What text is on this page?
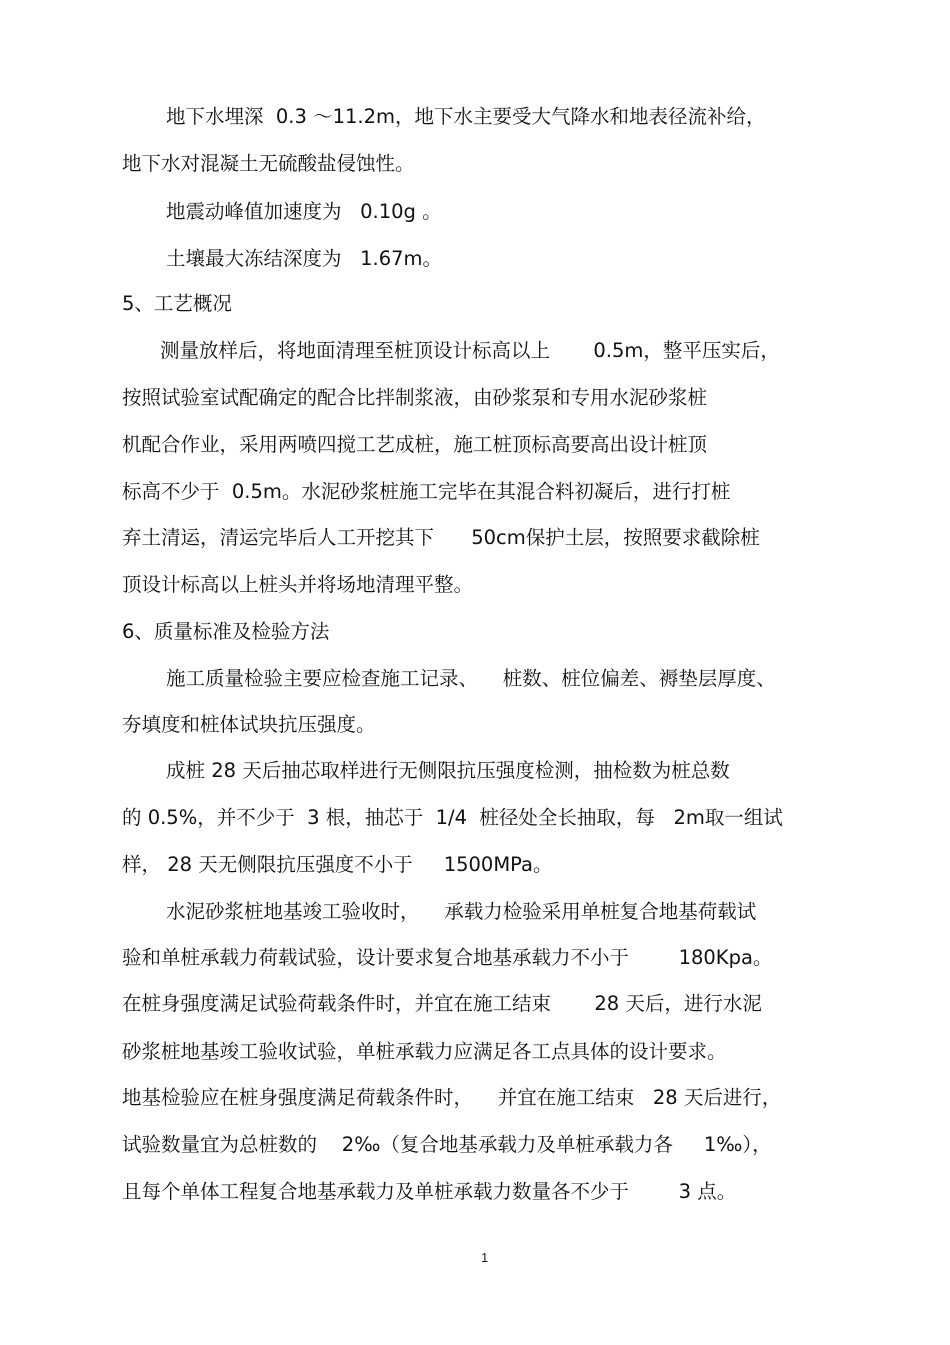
地下水埋深  0.3 ～11.2m，地下水主要受大气降水和地表径流补给，

地下水对混凝土无硫酸盐侵蚀性。

地震动峰值加速度为   0.10g 。

土壤最大冻结深度为   1.67m。

5、工艺概况

测量放样后，将地面清理至桩顶设计标高以上       0.5m，整平压实后，

按照试验室试配确定的配合比拌制浆液，由砂浆泵和专用水泥砂浆桩

机配合作业，采用两喷四搅工艺成桩，施工桩顶标高要高出设计桩顶

标高不少于  0.5m。水泥砂浆桩施工完毕在其混合料初凝后，进行打桩

弃土清运，清运完毕后人工开挖其下      50cm保护土层，按照要求截除桩

顶设计标高以上桩头并将场地清理平整。

6、质量标准及检验方法

施工质量检验主要应检查施工记录、    桩数、桩位偏差、褥垫层厚度、

夯填度和桩体试块抗压强度。

成桩 28 天后抽芯取样进行无侧限抗压强度检测，抽检数为桩总数

的 0.5%，并不少于  3 根，抽芯于  1/4  桩径处全长抽取，每   2m取一组试

样， 28 天无侧限抗压强度不小于     1500MPa。

水泥砂浆桩地基竣工验收时，    承载力检验采用单桩复合地基荷载试

验和单桩承载力荷载试验，设计要求复合地基承载力不小于        180Kpa。

在桩身强度满足试验荷载条件时，并宜在施工结束       28 天后，进行水泥

砂浆桩地基竣工验收试验，单桩承载力应满足各工点具体的设计要求。

地基检验应在桩身强度满足荷载条件时，    并宜在施工结束   28 天后进行，

试验数量宜为总桩数的    2‰（复合地基承载力及单桩承载力各     1‰），

且每个单体工程复合地基承载力及单桩承载力数量各不少于        3 点。

1
